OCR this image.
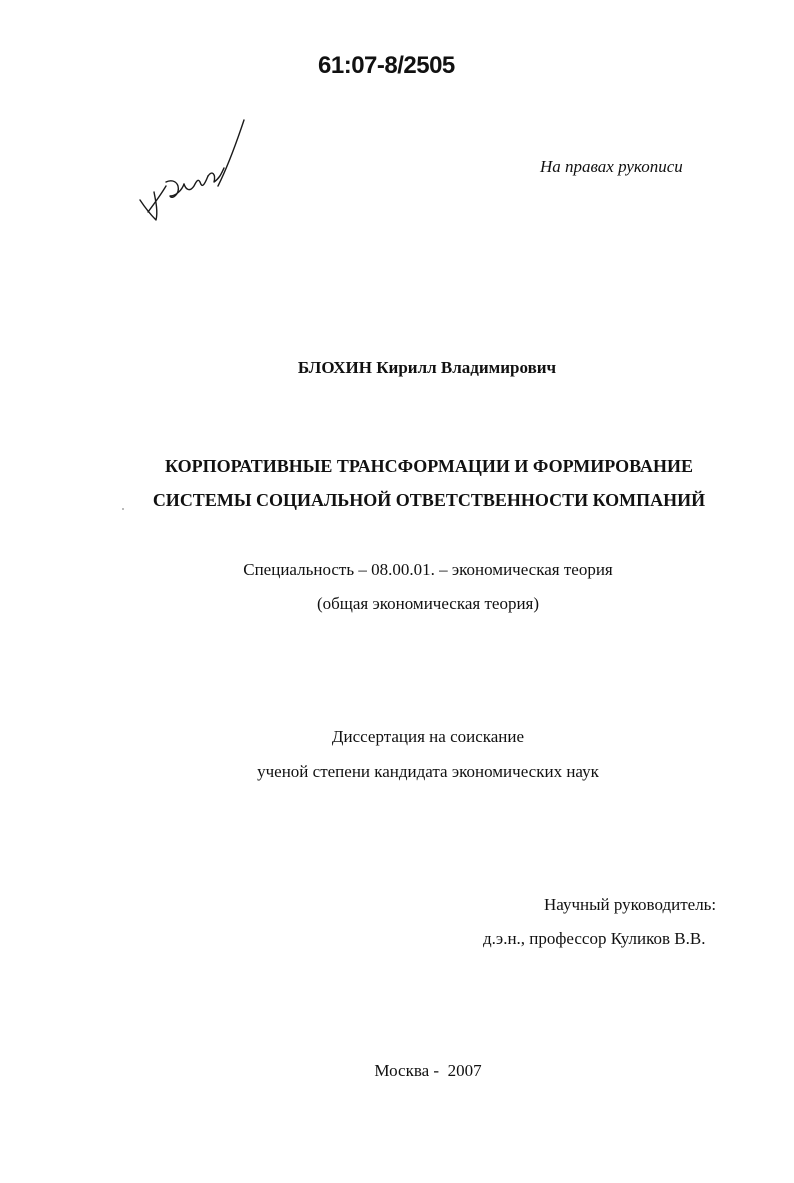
61:07-8/2505
На правах рукописи
БЛОХИН Кирилл Владимирович
КОРПОРАТИВНЫЕ ТРАНСФОРМАЦИИ И ФОРМИРОВАНИЕ
СИСТЕМЫ СОЦИАЛЬНОЙ ОТВЕТСТВЕННОСТИ КОМПАНИЙ
Специальность – 08.00.01. – экономическая теория
(общая экономическая теория)
Диссертация на соискание
ученой степени кандидата экономических наук
Научный руководитель:
д.э.н., профессор Куликов В.В.
Москва -  2007
